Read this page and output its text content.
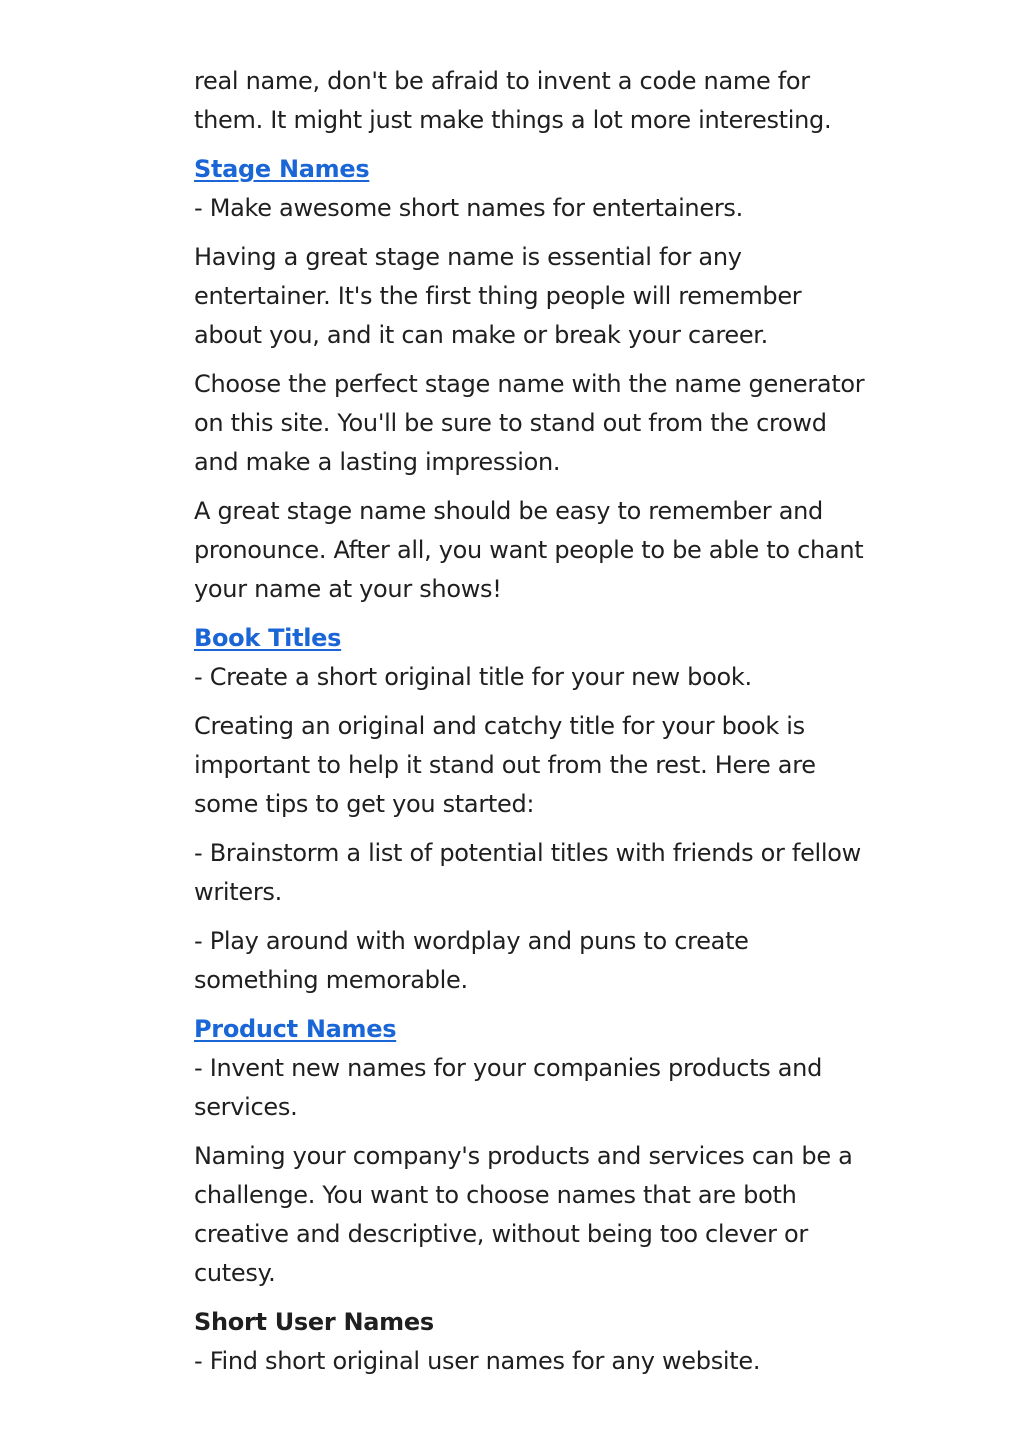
real name, don't be afraid to invent a code name for them. It might just make things a lot more interesting.

Stage Names

- Make awesome short names for entertainers.

Having a great stage name is essential for any entertainer. It's the first thing people will remember about you, and it can make or break your career.

Choose the perfect stage name with the name generator on this site. You'll be sure to stand out from the crowd and make a lasting impression.

A great stage name should be easy to remember and pronounce. After all, you want people to be able to chant your name at your shows!

Book Titles

- Create a short original title for your new book.

Creating an original and catchy title for your book is important to help it stand out from the rest. Here are some tips to get you started:

- Brainstorm a list of potential titles with friends or fellow writers.

- Play around with wordplay and puns to create something memorable.

Product Names

- Invent new names for your companies products and services.

Naming your company's products and services can be a challenge. You want to choose names that are both creative and descriptive, without being too clever or cutesy.

Short User Names

- Find short original user names for any website.
